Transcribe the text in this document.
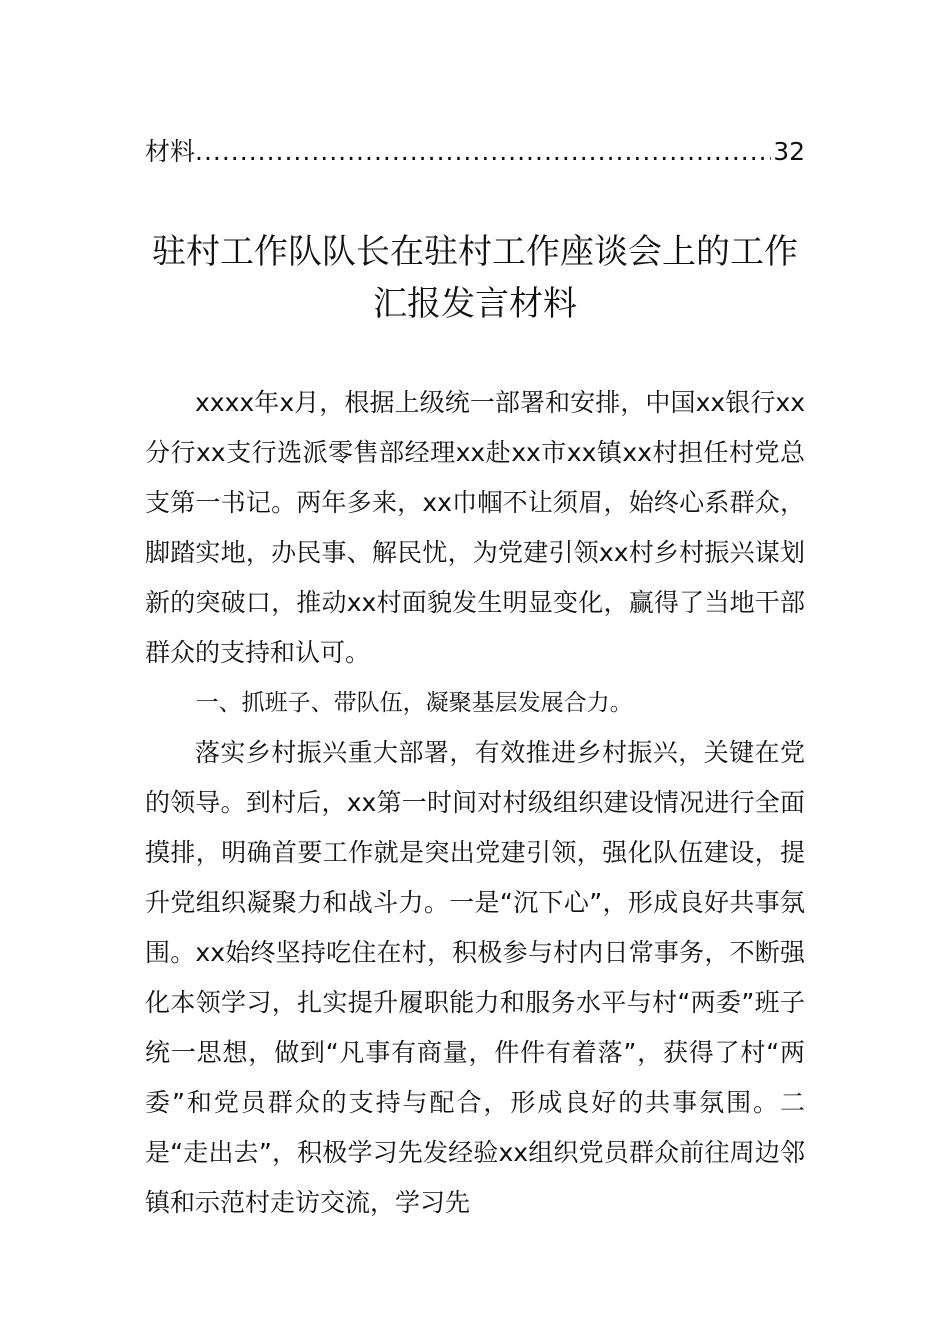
材料
.....	32
驻村工作队队长在驻村工作座谈会上的工作汇报发言材料

xxxx年x月，根据上级统一部署和安排，中国xx银行xx分行xx支行选派零售部经理xx赴xx市xx镇xx村担任村党总支第一书记。两年多来，xx巾帼不让须眉，始终心系群众，脚踏实地，办民事、解民忧，为党建引领xx村乡村振兴谋划新的突破口，推动xx村面貌发生明显变化，赢得了当地干部群众的支持和认可。

一、抓班子、带队伍，凝聚基层发展合力。

落实乡村振兴重大部署，有效推进乡村振兴，关键在党的领导。到村后，xx第一时间对村级组织建设情况进行全面摸排，明确首要工作就是突出党建引领，强化队伍建设，提升党组织凝聚力和战斗力。一是“沉下心”，形成良好共事氛围。xx始终坚持吃住在村，积极参与村内日常事务，不断强化本领学习，扎实提升履职能力和服务水平与村“两委”班子统一思想，做到“凡事有商量，件件有着落”，获得了村“两委”和党员群众的支持与配合，形成良好的共事氛围。二是“走出去”，积极学习先发经验xx组织党员群众前往周边邻镇和示范村走访交流，学习先
